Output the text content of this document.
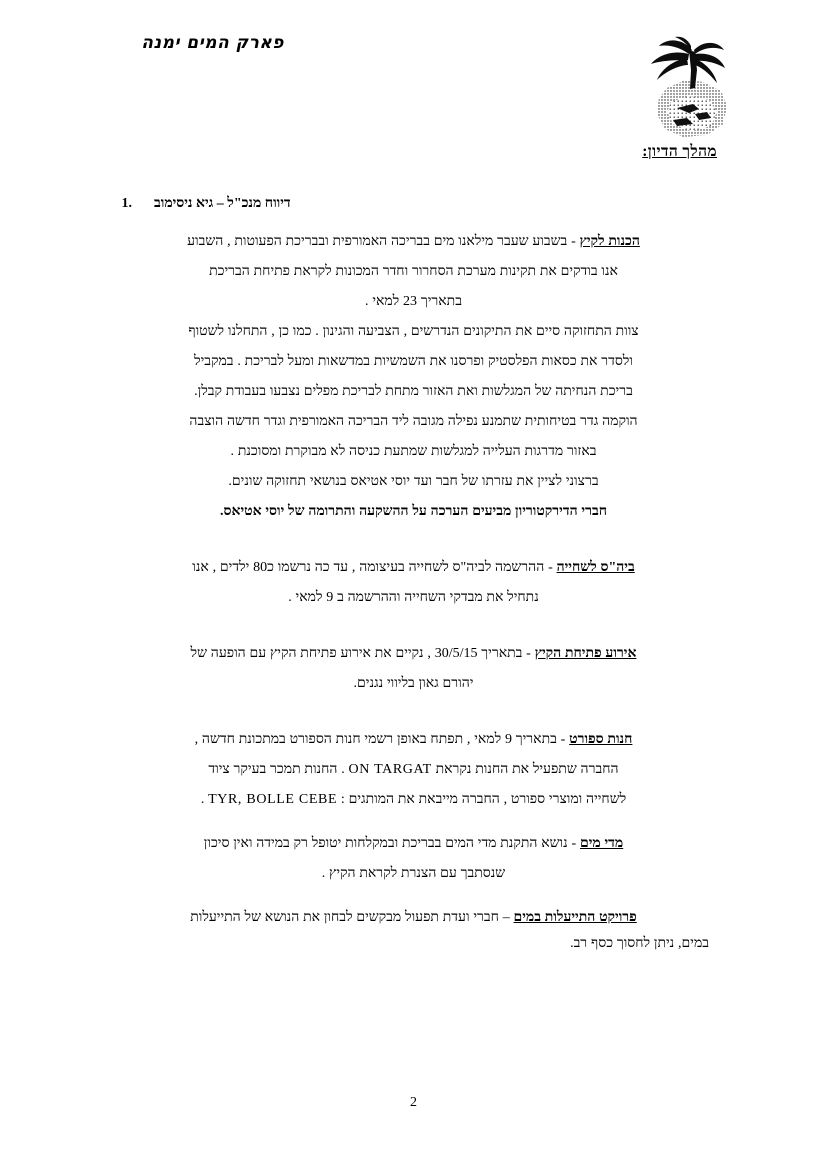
פארק המים ימנה
מהלך הדיון:
1. דיווח מנכ"ל – גיא ניסימוב

הכנות לקיץ - בשבוע שעבר מילאנו מים בבריכה האמורפית ובבריכת הפעוטות , השבוע

אנו בודקים את תקינות מערכת הסחרור וחדר המכונות לקראת פתיחת הבריכת

בתאריך 23 למאי .

צוות התחזוקה סיים את התיקונים הנדרשים , הצביעה והגינון . כמו כן , התחלנו לשטוף

ולסדר את כסאות הפלסטיק ופרסנו את השמשיות במדשאות ומעל לבריכת . במקביל

בריכת הנחיתה של המגלשות ואת האזור מתחת לבריכת מפלים נצבעו בעבודת קבלן.

הוקמה גדר בטיחותית שתמנע נפילה מגובה ליד הבריכה האמורפית וגדר חדשה הוצבה

באזור מדרגות העלייה למגלשות שמתעת כניסה לא מבוקרת ומסוכנת .

ברצוני לציין את עזרתו של חבר ועד יוסי אטיאס בנושאי תחזוקה שונים.

חברי הדירקטוריון מביעים הערכה על ההשקעה והתרומה של יוסי אטיאס.

ביה"ס לשחייה - ההרשמה לביה"ס לשחייה בעיצומה , עד כה נרשמו כ80 ילדים , אנו

נתחיל את מבדקי השחייה וההרשמה ב 9 למאי .

אירוע פתיחת הקיץ - בתאריך 30/5/15 , נקיים את אירוע פתיחת הקיץ עם הופעה של

יהורם גאון בליווי נגנים.

חנות ספורט - בתאריך 9 למאי , תפתח באופן רשמי חנות הספורט במתכונת חדשה ,

החברה שתפעיל את החנות נקראת ON TARGAT . החנות תמכר בעיקר ציוד

לשחייה ומוצרי ספורט , החברה מייבאת את המותגים : TYR, BOLLE CEBE .

מדי מים - נושא התקנת מדי המים בבריכת ובמקלחות יטופל רק במידה ואין סיכון

שנסתבך עם הצנרת לקראת הקיץ .

פרויקט התייעלות במים – חברי ועדת תפעול מבקשים לבחון את הנושא של התייעלות

במים, ניתן לחסוך כסף רב.

2
